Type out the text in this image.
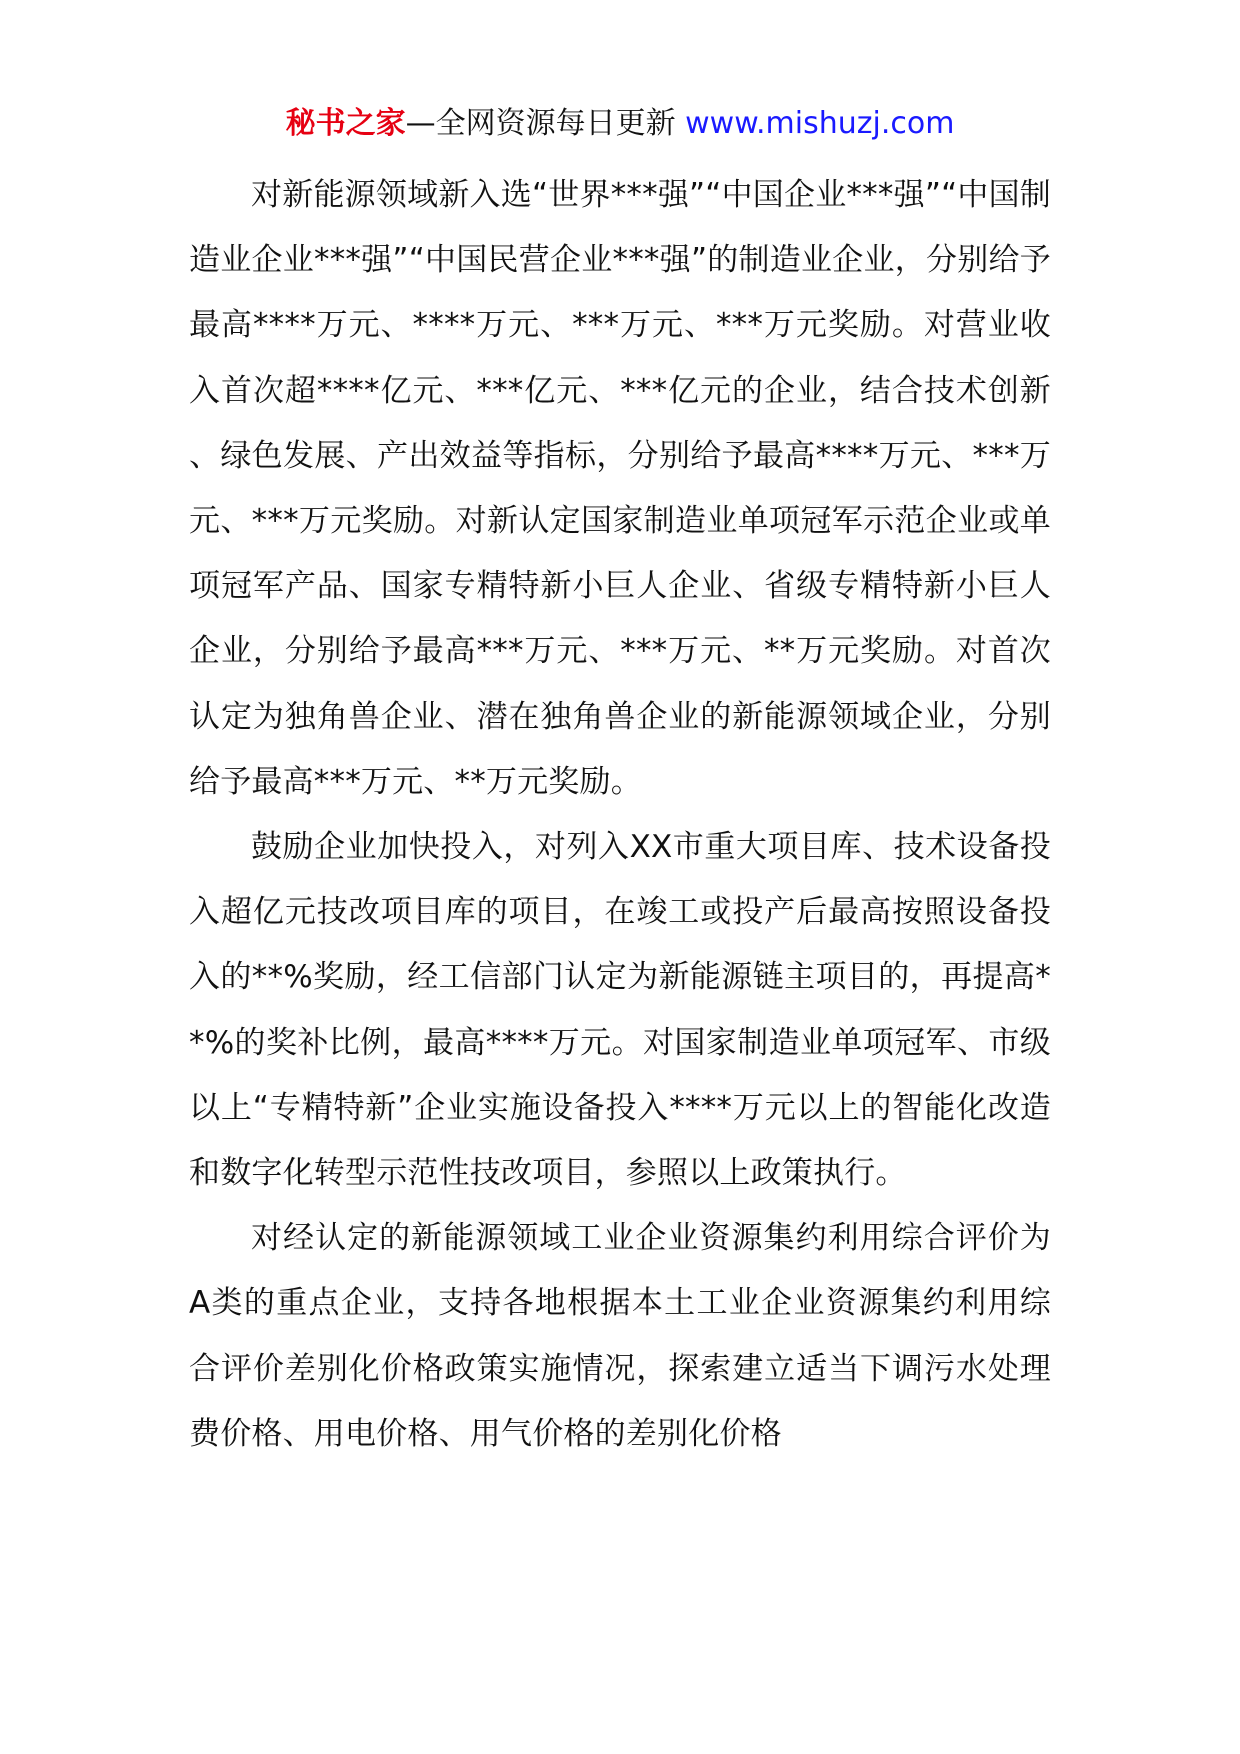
秘书之家—全网资源每日更新 www.mishuzj.com

对新能源领域新入选“世界***强”“中国企业***强”“中国制造业企业***强”“中国民营企业***强”的制造业企业，分别给予最高****万元、****万元、***万元、***万元奖励。对营业收入首次超****亿元、***亿元、***亿元的企业，结合技术创新、绿色发展、产出效益等指标，分别给予最高****万元、***万元、***万元奖励。对新认定国家制造业单项冠军示范企业或单项冠军产品、国家专精特新小巨人企业、省级专精特新小巨人企业，分别给予最高***万元、***万元、**万元奖励。对首次认定为独角兽企业、潜在独角兽企业的新能源领域企业，分别给予最高***万元、**万元奖励。

鼓励企业加快投入，对列入XX市重大项目库、技术设备投入超亿元技改项目库的项目，在竣工或投产后最高按照设备投入的**%奖励，经工信部门认定为新能源链主项目的，再提高**%的奖补比例，最高****万元。对国家制造业单项冠军、市级以上“专精特新”企业实施设备投入****万元以上的智能化改造和数字化转型示范性技改项目，参照以上政策执行。

对经认定的新能源领域工业企业资源集约利用综合评价为A类的重点企业，支持各地根据本土工业企业资源集约利用综合评价差别化价格政策实施情况，探索建立适当下调污水处理费价格、用电价格、用气价格的差别化价格
